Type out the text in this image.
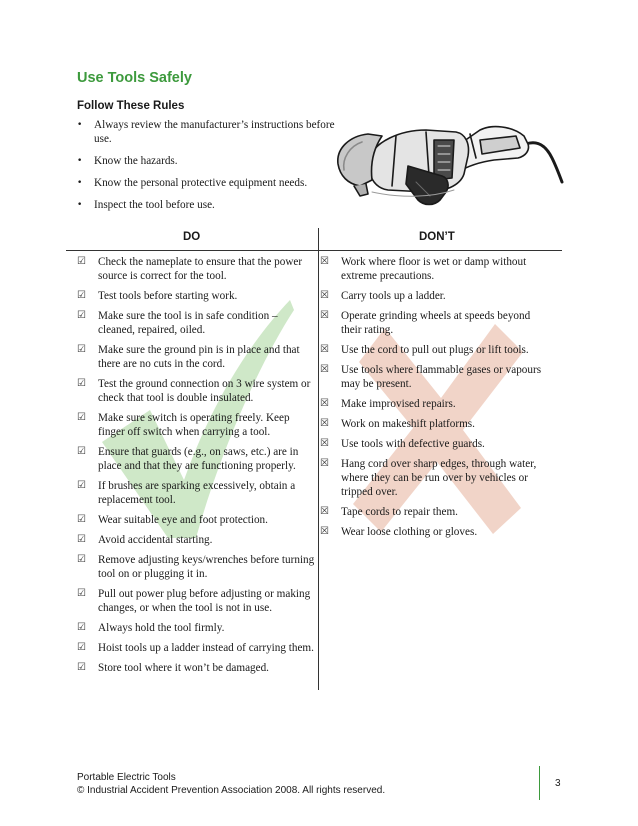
Use Tools Safely
Follow These Rules
• Always review the manufacturer’s instructions before use.
• Know the hazards.
• Know the personal protective equipment needs.
• Inspect the tool before use.
DO	DON’T
☑ Check the nameplate to ensure that the power source is correct for the tool.
☑ Test tools before starting work.
☑ Make sure the tool is in safe condition – cleaned, repaired, oiled.
☑ Make sure the ground pin is in place and that there are no cuts in the cord.
☑ Test the ground connection on 3 wire system or check that tool is double insulated.
☑ Make sure switch is operating freely. Keep finger off switch when carrying a tool.
☑ Ensure that guards (e.g., on saws, etc.) are in place and that they are functioning properly.
☑ If brushes are sparking excessively, obtain a replacement tool.
☑ Wear suitable eye and foot protection.
☑ Avoid accidental starting.
☑ Remove adjusting keys/wrenches before turning tool on or plugging it in.
☑ Pull out power plug before adjusting or making changes, or when the tool is not in use.
☑ Always hold the tool firmly.
☑ Hoist tools up a ladder instead of carrying them.
☑ Store tool where it won’t be damaged.
☒ Work where floor is wet or damp without extreme precautions.
☒ Carry tools up a ladder.
☒ Operate grinding wheels at speeds beyond their rating.
☒ Use the cord to pull out plugs or lift tools.
☒ Use tools where flammable gases or vapours may be present.
☒ Make improvised repairs.
☒ Work on makeshift platforms.
☒ Use tools with defective guards.
☒ Hang cord over sharp edges, through water, where they can be run over by vehicles or tripped over.
☒ Tape cords to repair them.
☒ Wear loose clothing or gloves.
Portable Electric Tools
© Industrial Accident Prevention Association 2008. All rights reserved.
3
